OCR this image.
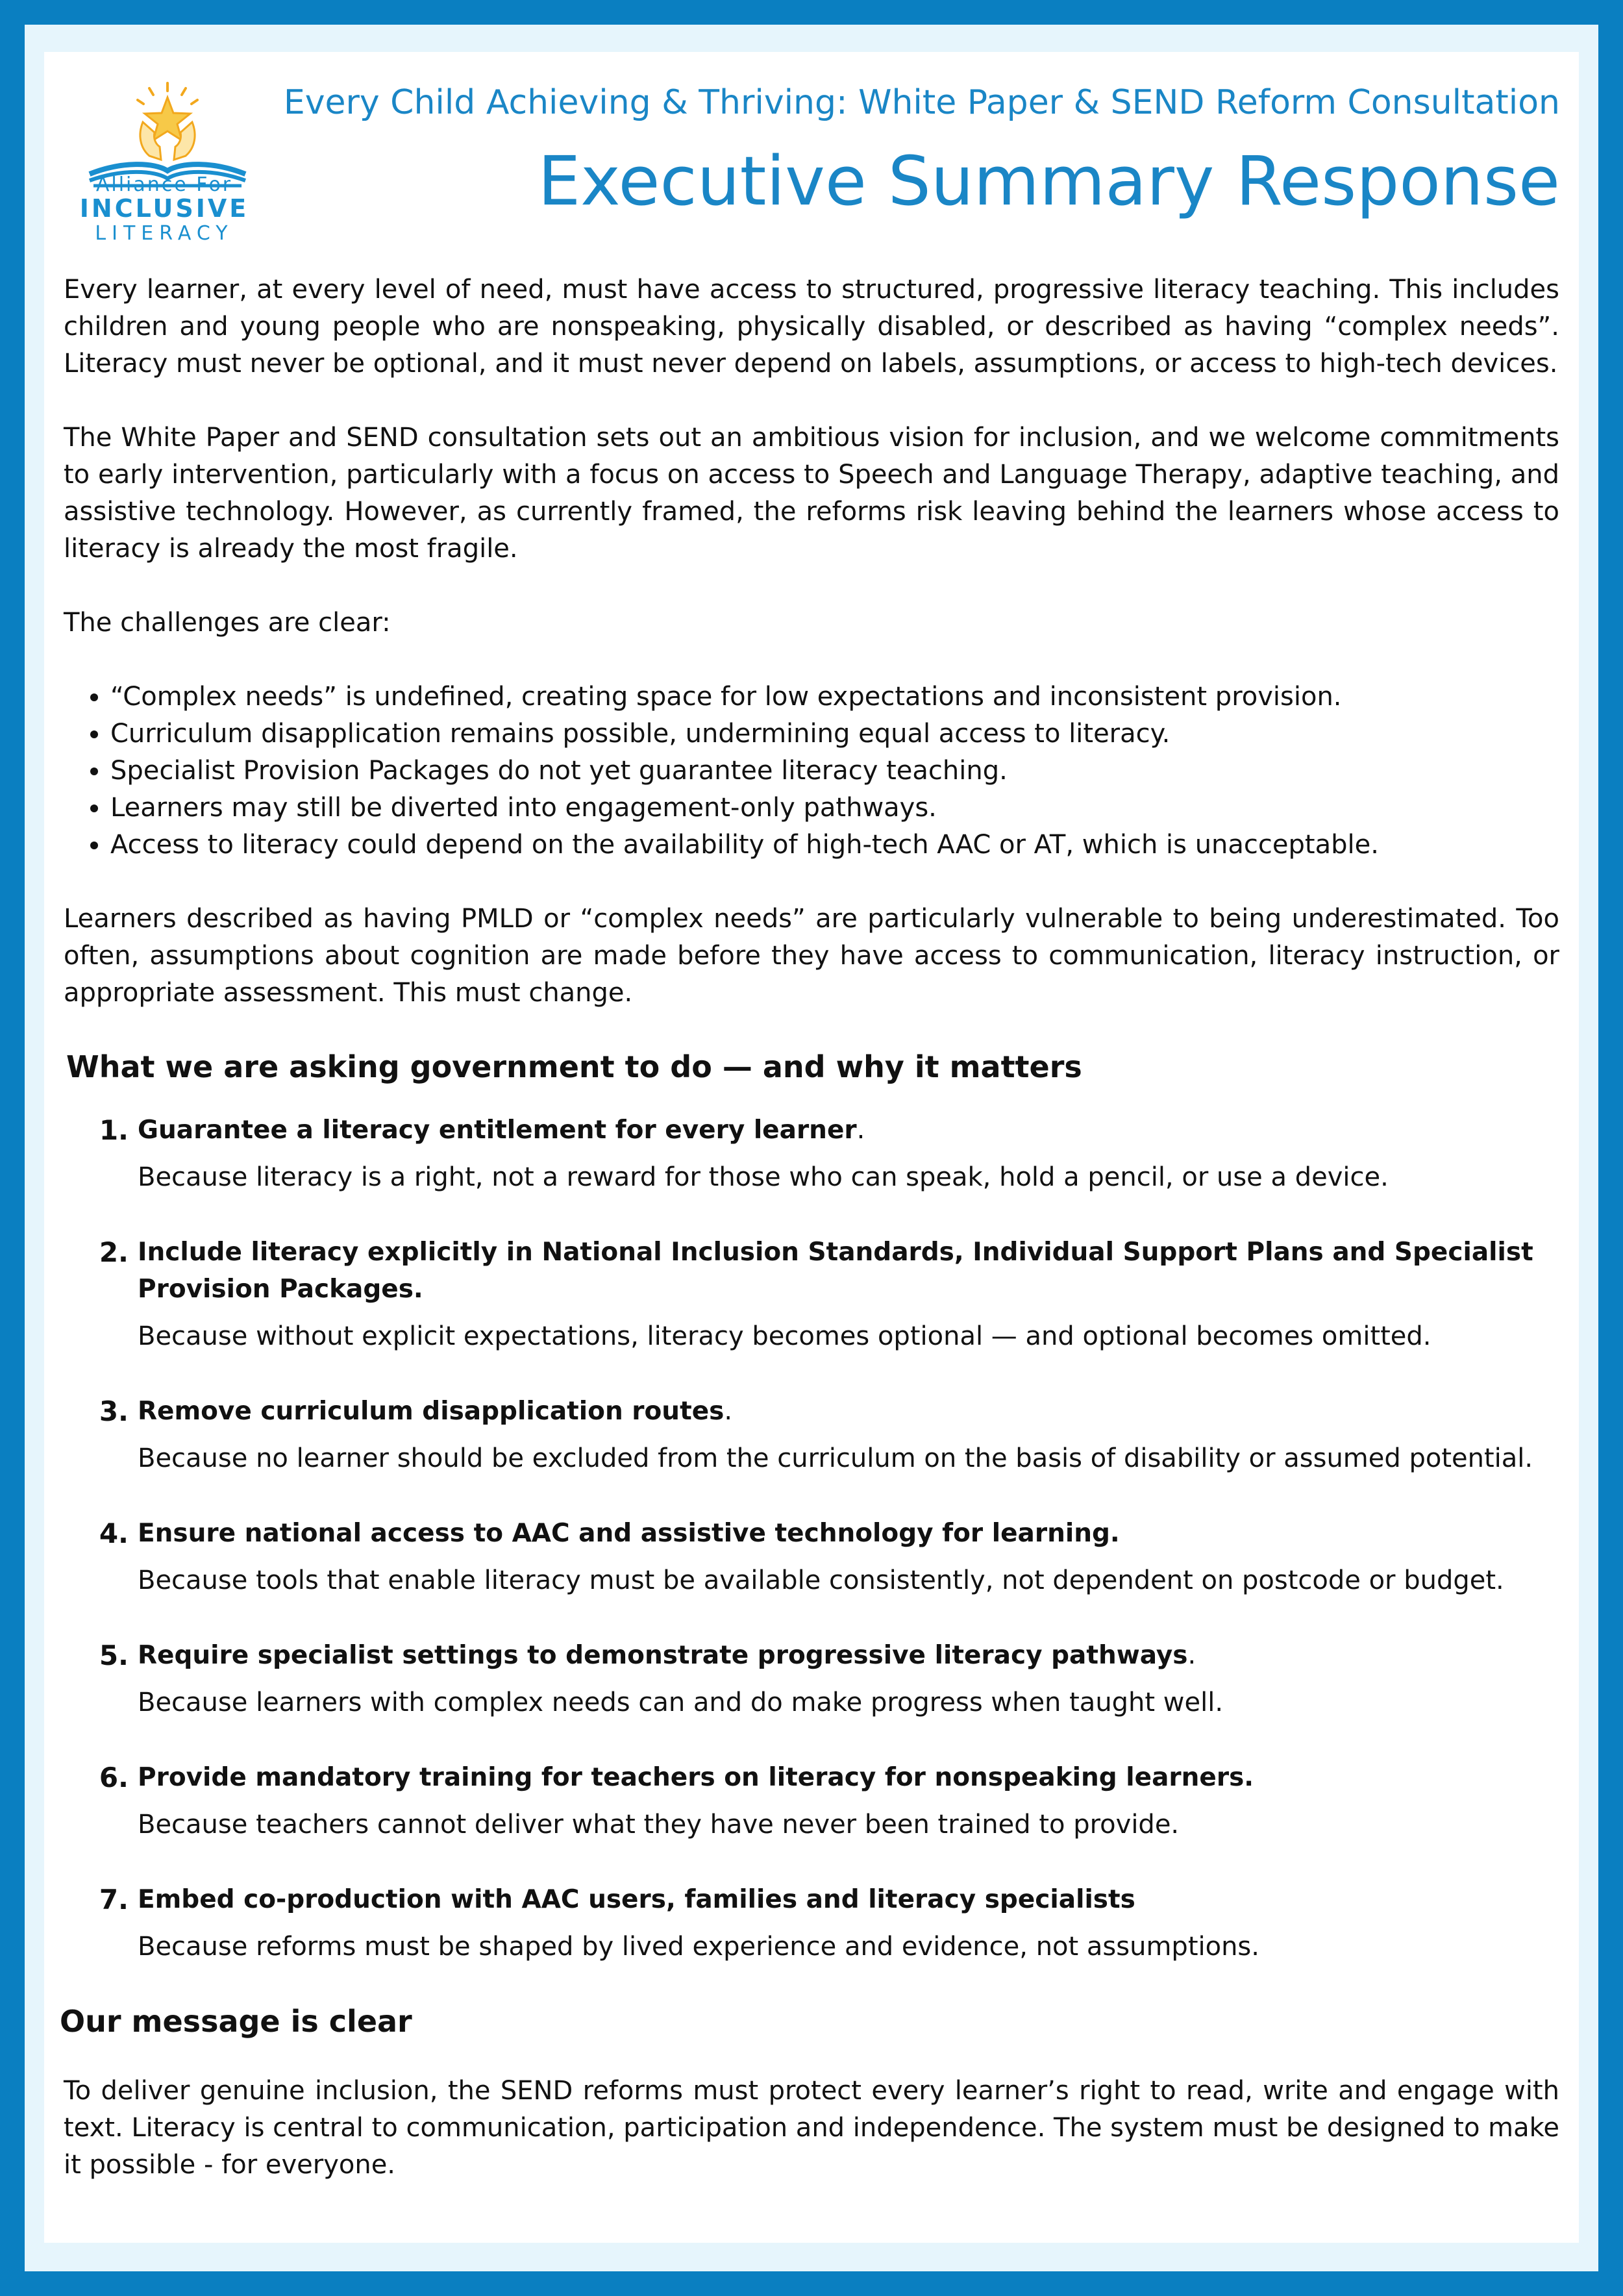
Alliance For
INCLUSIVE
LITERACY
Every Child Achieving & Thriving: White Paper & SEND Reform Consultation
Executive Summary Response

Every learner, at every level of need, must have access to structured, progressive literacy teaching. This includes children and young people who are nonspeaking, physically disabled, or described as having “complex needs”. Literacy must never be optional, and it must never depend on labels, assumptions, or access to high-tech devices.

The White Paper and SEND consultation sets out an ambitious vision for inclusion, and we welcome commitments to early intervention, particularly with a focus on access to Speech and Language Therapy, adaptive teaching, and assistive technology. However, as currently framed, the reforms risk leaving behind the learners whose access to literacy is already the most fragile.

The challenges are clear:

• “Complex needs” is undefined, creating space for low expectations and inconsistent provision.
• Curriculum disapplication remains possible, undermining equal access to literacy.
• Specialist Provision Packages do not yet guarantee literacy teaching.
• Learners may still be diverted into engagement-only pathways.
• Access to literacy could depend on the availability of high-tech AAC or AT, which is unacceptable.

Learners described as having PMLD or “complex needs” are particularly vulnerable to being underestimated. Too often, assumptions about cognition are made before they have access to communication, literacy instruction, or appropriate assessment. This must change.

What we are asking government to do — and why it matters
1. Guarantee a literacy entitlement for every learner.
Because literacy is a right, not a reward for those who can speak, hold a pencil, or use a device.
2. Include literacy explicitly in National Inclusion Standards, Individual Support Plans and Specialist Provision Packages.
Because without explicit expectations, literacy becomes optional — and optional becomes omitted.
3. Remove curriculum disapplication routes.
Because no learner should be excluded from the curriculum on the basis of disability or assumed potential.
4. Ensure national access to AAC and assistive technology for learning.
Because tools that enable literacy must be available consistently, not dependent on postcode or budget.
5. Require specialist settings to demonstrate progressive literacy pathways.
Because learners with complex needs can and do make progress when taught well.
6. Provide mandatory training for teachers on literacy for nonspeaking learners.
Because teachers cannot deliver what they have never been trained to provide.
7. Embed co-production with AAC users, families and literacy specialists
Because reforms must be shaped by lived experience and evidence, not assumptions.
Our message is clear

To deliver genuine inclusion, the SEND reforms must protect every learner’s right to read, write and engage with text. Literacy is central to communication, participation and independence. The system must be designed to make it possible - for everyone.
